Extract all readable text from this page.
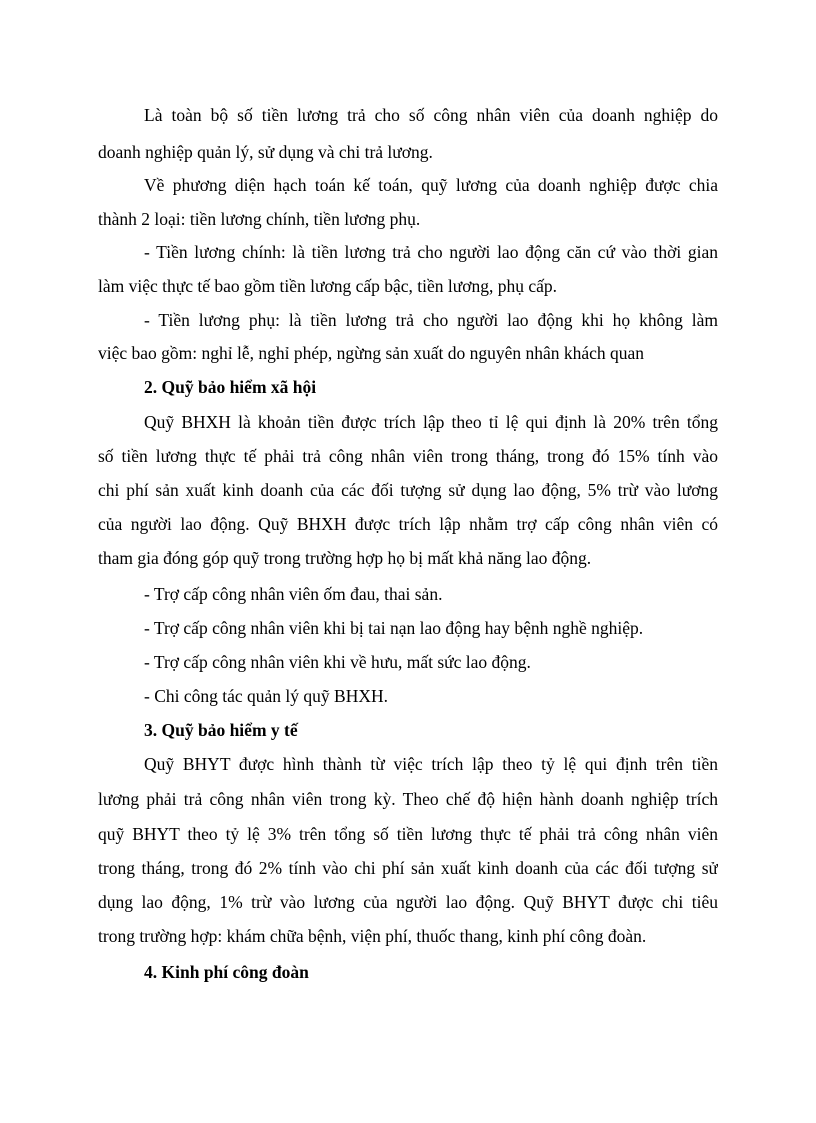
Là toàn bộ số tiền lương trả cho số công nhân viên của doanh nghiệp do
doanh nghiệp quản lý, sử dụng và chi trả lương.
Về phương diện hạch toán kế toán, quỹ lương của doanh nghiệp được chia
thành 2 loại: tiền lương chính, tiền lương phụ.
- Tiền lương chính: là tiền lương trả cho người lao động căn cứ vào thời gian
làm việc thực tế bao gồm tiền lương cấp bậc, tiền lương, phụ cấp.
- Tiền lương phụ: là tiền lương trả cho người lao động khi họ không làm
việc bao gồm: nghỉ lễ, nghỉ phép, ngừng sản xuất do nguyên nhân khách quan
2. Quỹ bảo hiểm xã hội
Quỹ BHXH là khoản tiền được trích lập theo tỉ lệ qui định là 20% trên tổng
số tiền lương thực tế phải trả công nhân viên trong tháng, trong đó 15% tính vào
chi phí sản xuất kinh doanh của các đối tượng sử dụng lao động, 5% trừ vào lương
của người lao động. Quỹ BHXH được trích lập nhằm trợ cấp công nhân viên có
tham gia đóng góp quỹ trong trường hợp họ bị mất khả năng lao động.
- Trợ cấp công nhân viên ốm đau, thai sản.
- Trợ cấp công nhân viên khi bị tai nạn lao động hay bệnh nghề nghiệp.
- Trợ cấp công nhân viên khi về hưu, mất sức lao động.
- Chi công tác quản lý quỹ BHXH.
3. Quỹ bảo hiểm y tế
Quỹ BHYT được hình thành từ việc trích lập theo tỷ lệ qui định trên tiền
lương phải trả công nhân viên trong kỳ. Theo chế độ hiện hành doanh nghiệp trích
quỹ BHYT theo tỷ lệ 3% trên tổng số tiền lương thực tế phải trả công nhân viên
trong tháng, trong đó 2% tính vào chi phí sản xuất kinh doanh của các đối tượng sử
dụng lao động, 1% trừ vào lương của người lao động. Quỹ BHYT được chi tiêu
trong trường hợp: khám chữa bệnh, viện phí, thuốc thang, kinh phí công đoàn.
4. Kinh phí công đoàn
